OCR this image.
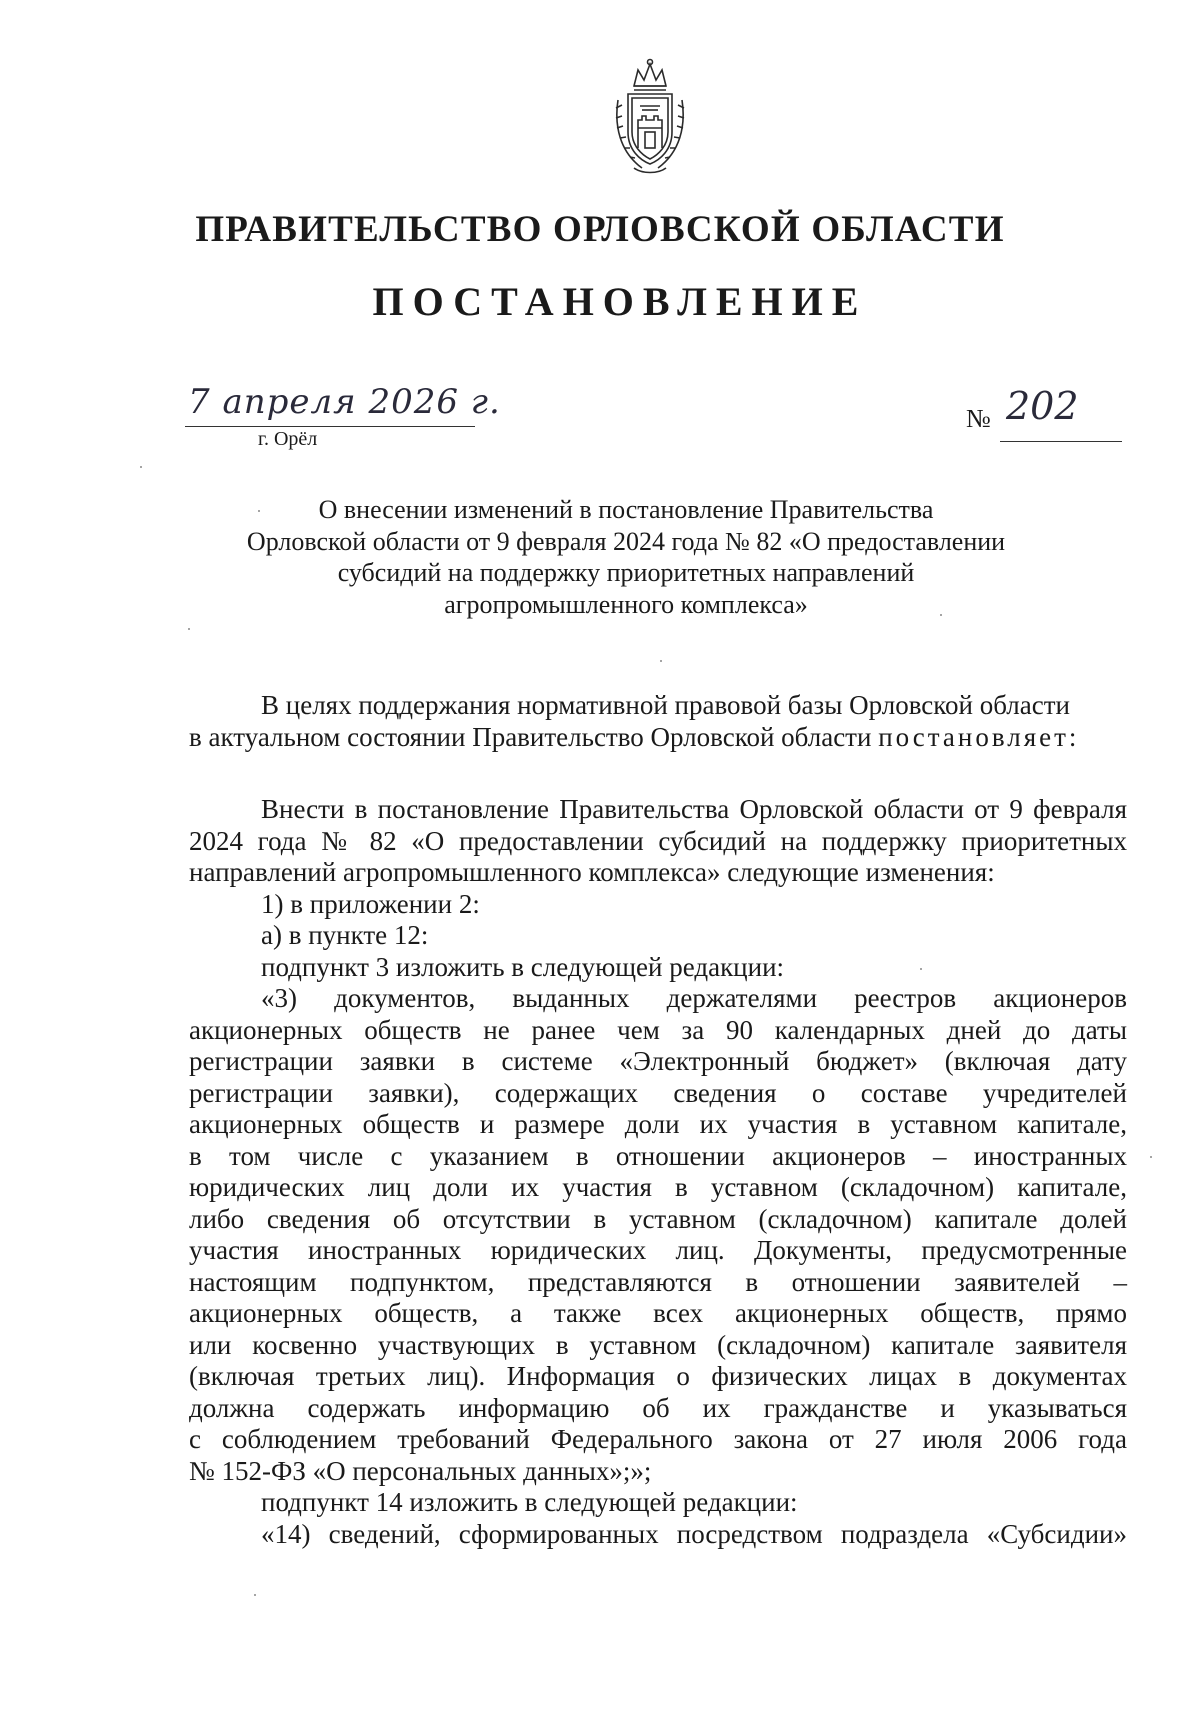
ПРАВИТЕЛЬСТВО ОРЛОВСКОЙ ОБЛАСТИ
ПОСТАНОВЛЕНИЕ
7 апреля 2026 г.
г. Орёл
№ 202
О внесении изменений в постановление Правительства
Орловской области от 9 февраля 2024 года № 82 «О предоставлении
субсидий на поддержку приоритетных направлений
агропромышленного комплекса»

В целях поддержания нормативной правовой базы Орловской области

в актуальном состоянии Правительство Орловской области постановляет:

Внести в постановление Правительства Орловской области от 9 февраля

2024 года № 82 «О предоставлении субсидий на поддержку приоритетных

направлений агропромышленного комплекса» следующие изменения:

1) в приложении 2:

а) в пункте 12:

подпункт 3 изложить в следующей редакции:

«3) документов, выданных держателями реестров акционеров

акционерных обществ не ранее чем за 90 календарных дней до даты

регистрации заявки в системе «Электронный бюджет» (включая дату

регистрации заявки), содержащих сведения о составе учредителей

акционерных обществ и размере доли их участия в уставном капитале,

в том числе с указанием в отношении акционеров – иностранных

юридических лиц доли их участия в уставном (складочном) капитале,

либо сведения об отсутствии в уставном (складочном) капитале долей

участия иностранных юридических лиц. Документы, предусмотренные

настоящим подпунктом, представляются в отношении заявителей –

акционерных обществ, а также всех акционерных обществ, прямо

или косвенно участвующих в уставном (складочном) капитале заявителя

(включая третьих лиц). Информация о физических лицах в документах

должна содержать информацию об их гражданстве и указываться

с соблюдением требований Федерального закона от 27 июля 2006 года

№ 152-ФЗ «О персональных данных»;»;

подпункт 14 изложить в следующей редакции:

«14) сведений, сформированных посредством подраздела «Субсидии»
